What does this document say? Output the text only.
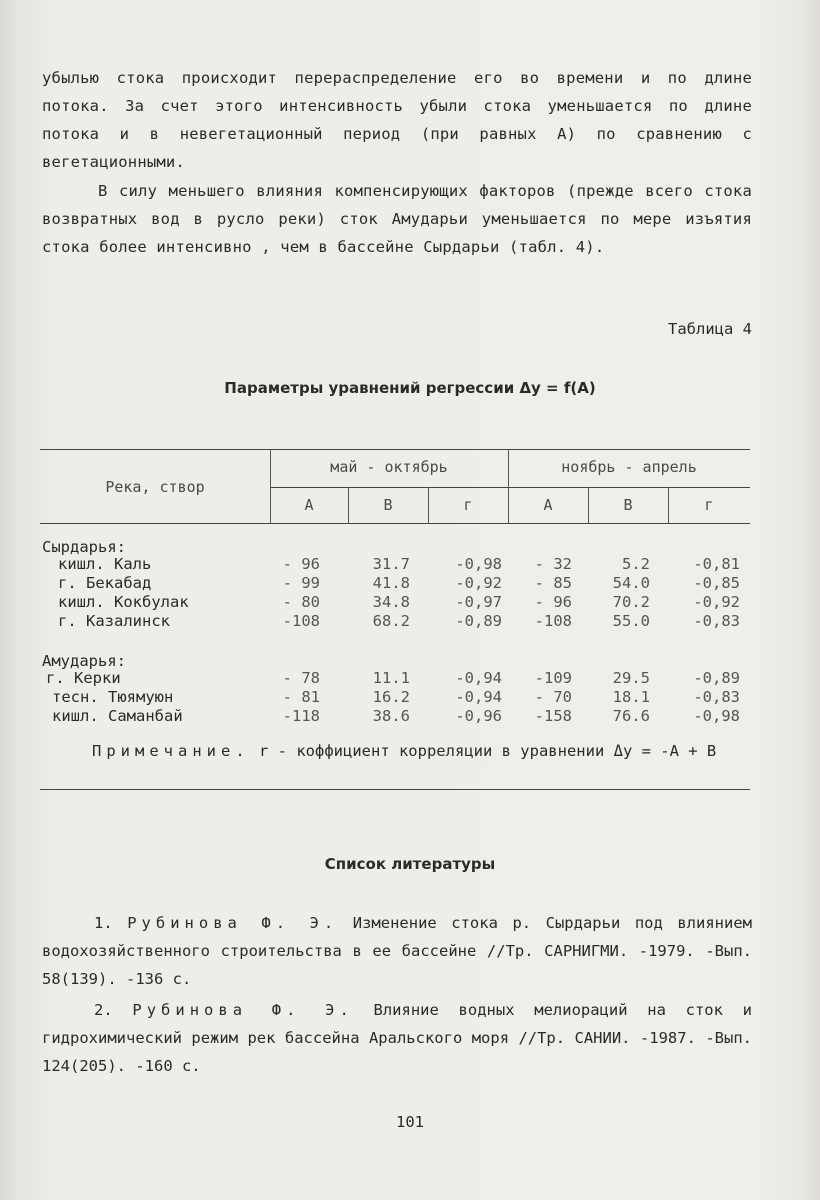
убылью стока происходит перераспределение его во времени и по длине потока. За счет этого интенсивность убыли стока уменьшается по длине потока и в невегетационный период (при равных А) по сравнению с вегетационными.
В силу меньшего влияния компенсирующих факторов (прежде всего стока возвратных вод в русло реки) сток Амударьи уменьшается по мере изъятия стока более интенсивно , чем в бассейне Сырдарьи (табл. 4).
Таблица 4
Параметры уравнений регрессии Δy = f(A)
Река, створ
май - октябрь	ноябрь - апрель
А	В	г	А	В	г
Сырдарья:
кишл. Каль	- 96	31.7	-0,98	- 32	5.2	-0,81
г. Бекабад	- 99	41.8	-0,92	- 85	54.0	-0,85
кишл. Кокбулак	- 80	34.8	-0,97	- 96	70.2	-0,92
г. Казалинск	-108	68.2	-0,89	-108	55.0	-0,83
Амударья:
г. Керки	- 78	11.1	-0,94	-109	29.5	-0,89
тесн. Тюямуюн	- 81	16.2	-0,94	- 70	18.1	-0,83
кишл. Саманбай	-118	38.6	-0,96	-158	76.6	-0,98
Примечание. r - коффициент корреляции в уравнении Δy = -A + B
Список литературы
1. Рубинова Ф. Э. Изменение стока р. Сырдарьи под влиянием водохозяйственного строительства в ее бассейне //Тр. САРНИГМИ. -1979. -Вып. 58(139). -136 с.
2. Рубинова Ф. Э. Влияние водных мелиораций на сток и гидрохимический режим рек бассейна Аральского моря //Тр. САНИИ. -1987. -Вып. 124(205). -160 с.
101
